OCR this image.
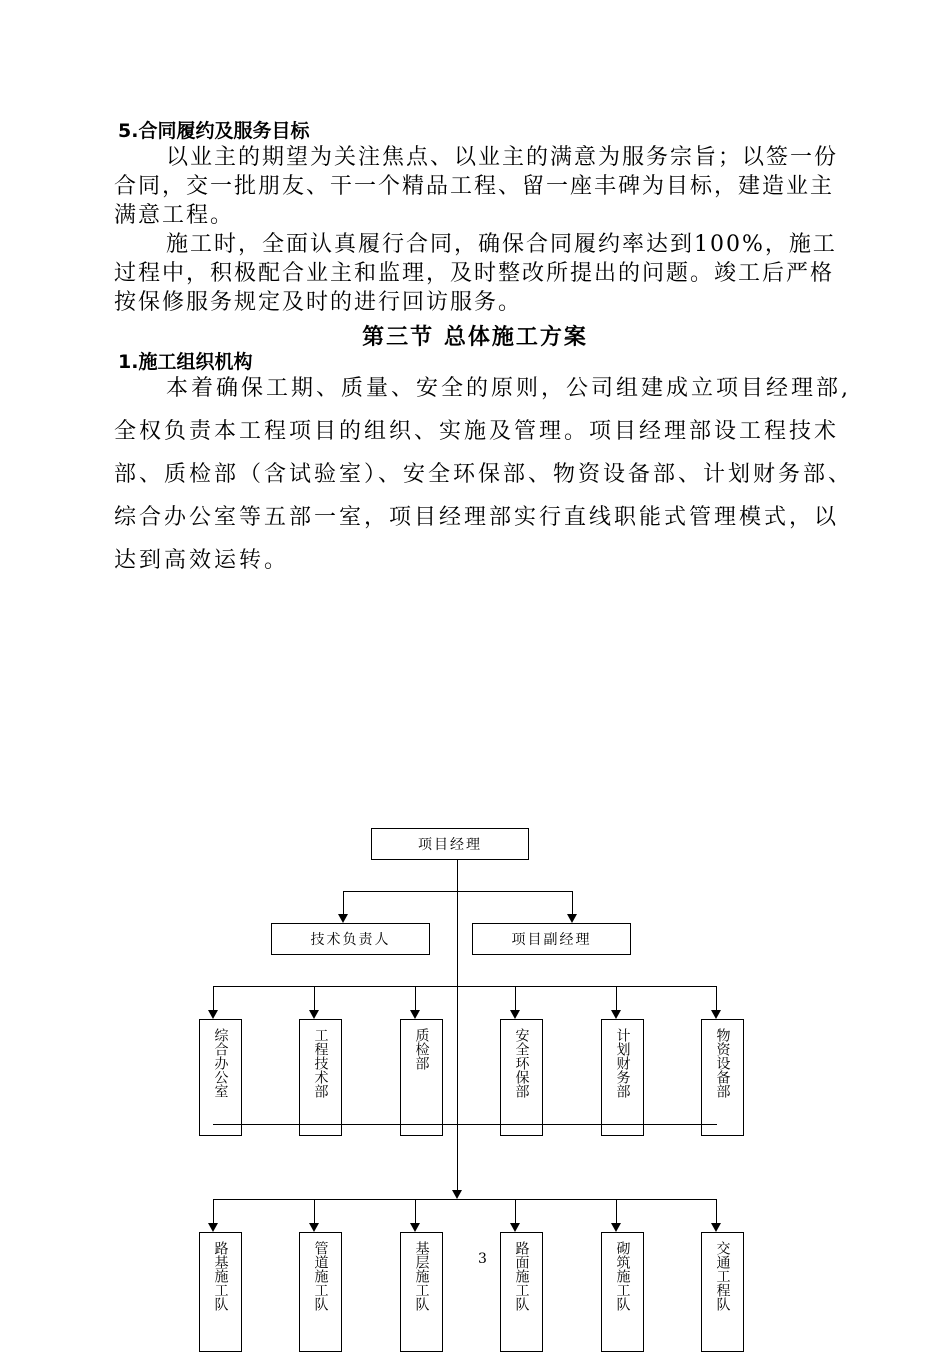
5.合同履约及服务目标

以业主的期望为关注焦点、以业主的满意为服务宗旨；以签一份合同，交一批朋友、干一个精品工程、留一座丰碑为目标，建造业主满意工程。

施工时，全面认真履行合同，确保合同履约率达到100%，施工过程中，积极配合业主和监理，及时整改所提出的问题。竣工后严格按保修服务规定及时的进行回访服务。

第三节 总体施工方案
1.施工组织机构

本着确保工期、质量、安全的原则，公司组建成立项目经理部,全权负责本工程项目的组织、实施及管理。项目经理部设工程技术部、质检部（含试验室）、安全环保部、物资设备部、计划财务部、综合办公室等五部一室，项目经理部实行直线职能式管理模式，以达到高效运转。

项目经理
技术负责人	项目副经理
综合办公室	工程技术部	质检部	安全环保部	计划财务部	物资设备部
路基施工队	管道施工队	基层施工队	路面施工队	砌筑施工队	交通工程队
3
